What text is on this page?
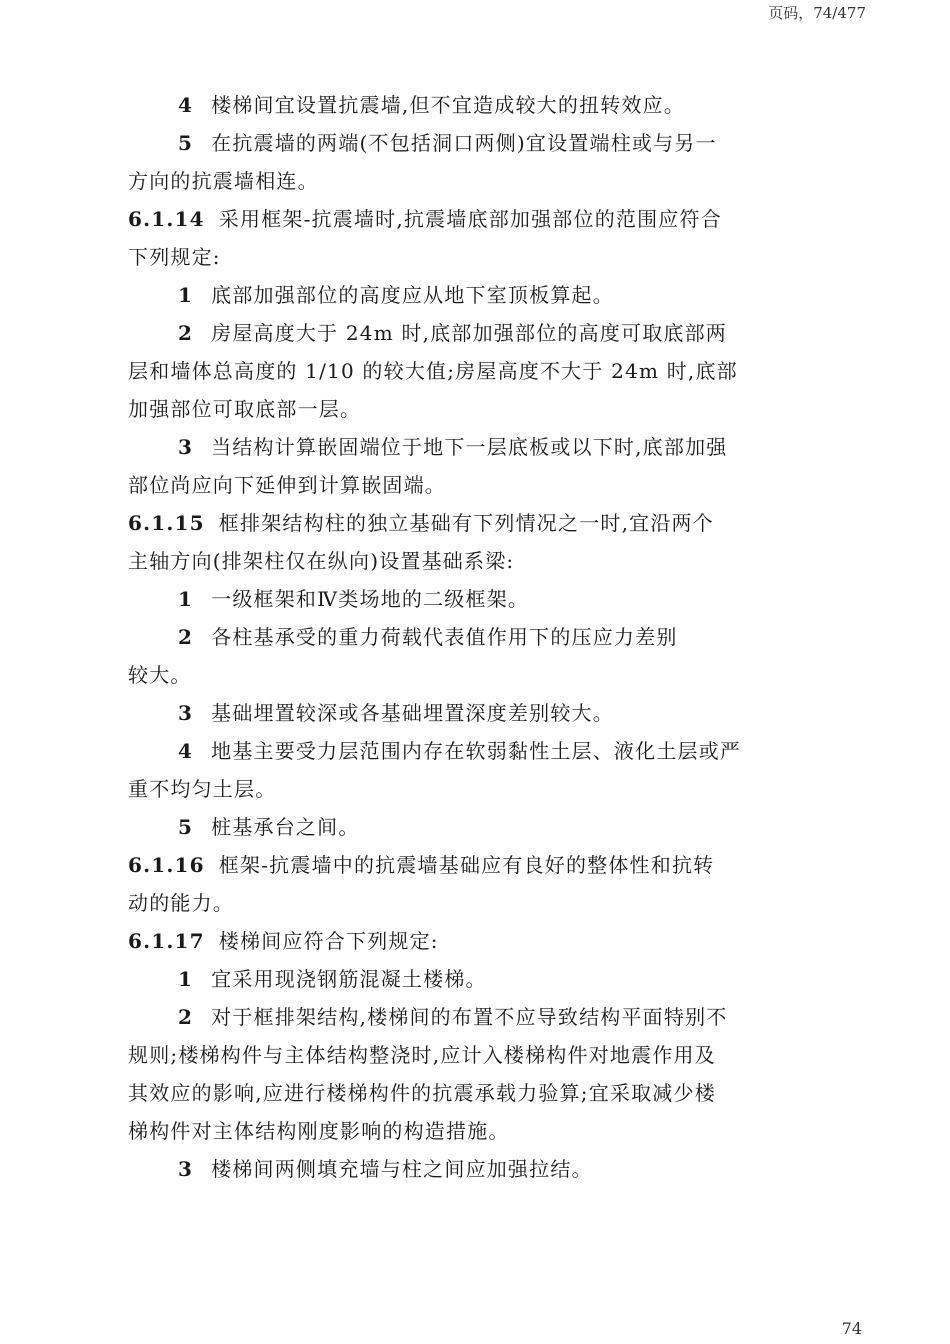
页码，74/477
4 楼梯间宜设置抗震墙,但不宜造成较大的扭转效应。
5 在抗震墙的两端(不包括洞口两侧)宜设置端柱或与另一
方向的抗震墙相连。
6.1.14 采用框架-抗震墙时,抗震墙底部加强部位的范围应符合
下列规定:
1 底部加强部位的高度应从地下室顶板算起。
2 房屋高度大于 24m 时,底部加强部位的高度可取底部两
层和墙体总高度的 1/10 的较大值;房屋高度不大于 24m 时,底部
加强部位可取底部一层。
3 当结构计算嵌固端位于地下一层底板或以下时,底部加强
部位尚应向下延伸到计算嵌固端。
6.1.15 框排架结构柱的独立基础有下列情况之一时,宜沿两个
主轴方向(排架柱仅在纵向)设置基础系梁:
1 一级框架和Ⅳ类场地的二级框架。
2 各柱基承受的重力荷载代表值作用下的压应力差别
较大。
3 基础埋置较深或各基础埋置深度差别较大。
4 地基主要受力层范围内存在软弱黏性土层、液化土层或严
重不均匀土层。
5 桩基承台之间。
6.1.16 框架-抗震墙中的抗震墙基础应有良好的整体性和抗转
动的能力。
6.1.17 楼梯间应符合下列规定:
1 宜采用现浇钢筋混凝土楼梯。
2 对于框排架结构,楼梯间的布置不应导致结构平面特别不
规则;楼梯构件与主体结构整浇时,应计入楼梯构件对地震作用及
其效应的影响,应进行楼梯构件的抗震承载力验算;宜采取减少楼
梯构件对主体结构刚度影响的构造措施。
3 楼梯间两侧填充墙与柱之间应加强拉结。
74
